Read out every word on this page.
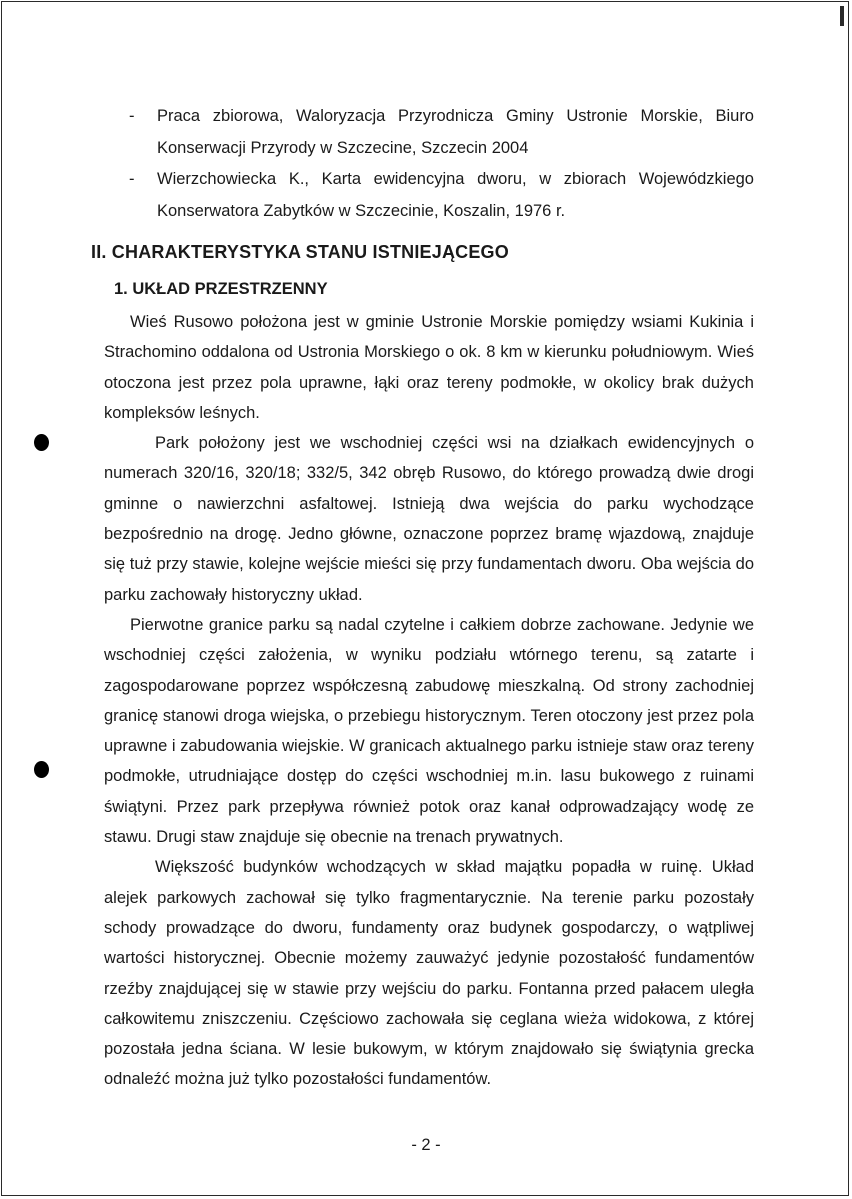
- Praca zbiorowa, Waloryzacja Przyrodnicza Gminy Ustronie Morskie, Biuro Konserwacji Przyrody w Szczecine, Szczecin 2004

- Wierzchowiecka K., Karta ewidencyjna dworu, w zbiorach Wojewódzkiego Konserwatora Zabytków w Szczecinie, Koszalin, 1976 r.

II. CHARAKTERYSTYKA STANU ISTNIEJĄCEGO
1. UKŁAD PRZESTRZENNY

Wieś Rusowo położona jest w gminie Ustronie Morskie pomiędzy wsiami Kukinia i Strachomino oddalona od Ustronia Morskiego o ok. 8 km w kierunku południowym. Wieś otoczona jest przez pola uprawne, łąki oraz tereny podmokłe, w okolicy brak dużych kompleksów leśnych.

Park położony jest we wschodniej części wsi na działkach ewidencyjnych o numerach 320/16, 320/18; 332/5, 342 obręb Rusowo, do którego prowadzą dwie drogi gminne o nawierzchni asfaltowej. Istnieją dwa wejścia do parku wychodzące bezpośrednio na drogę. Jedno główne, oznaczone poprzez bramę wjazdową, znajduje się tuż przy stawie, kolejne wejście mieści się przy fundamentach dworu. Oba wejścia do parku zachowały historyczny układ.

Pierwotne granice parku są nadal czytelne i całkiem dobrze zachowane. Jedynie we wschodniej części założenia, w wyniku podziału wtórnego terenu, są zatarte i zagospodarowane poprzez współczesną zabudowę mieszkalną. Od strony zachodniej granicę stanowi droga wiejska, o przebiegu historycznym. Teren otoczony jest przez pola uprawne i zabudowania wiejskie. W granicach aktualnego parku istnieje staw oraz tereny podmokłe, utrudniające dostęp do części wschodniej m.in. lasu bukowego z ruinami świątyni. Przez park przepływa również potok oraz kanał odprowadzający wodę ze stawu. Drugi staw znajduje się obecnie na trenach prywatnych.

Większość budynków wchodzących w skład majątku popadła w ruinę. Układ alejek parkowych zachował się tylko fragmentarycznie. Na terenie parku pozostały schody prowadzące do dworu, fundamenty oraz budynek gospodarczy, o wątpliwej wartości historycznej. Obecnie możemy zauważyć jedynie pozostałość fundamentów rzeźby znajdującej się w stawie przy wejściu do parku. Fontanna przed pałacem uległa całkowitemu zniszczeniu. Częściowo zachowała się ceglana wieża widokowa, z której pozostała jedna ściana. W lesie bukowym, w którym znajdowało się świątynia grecka odnaleźć można już tylko pozostałości fundamentów.

- 2 -
